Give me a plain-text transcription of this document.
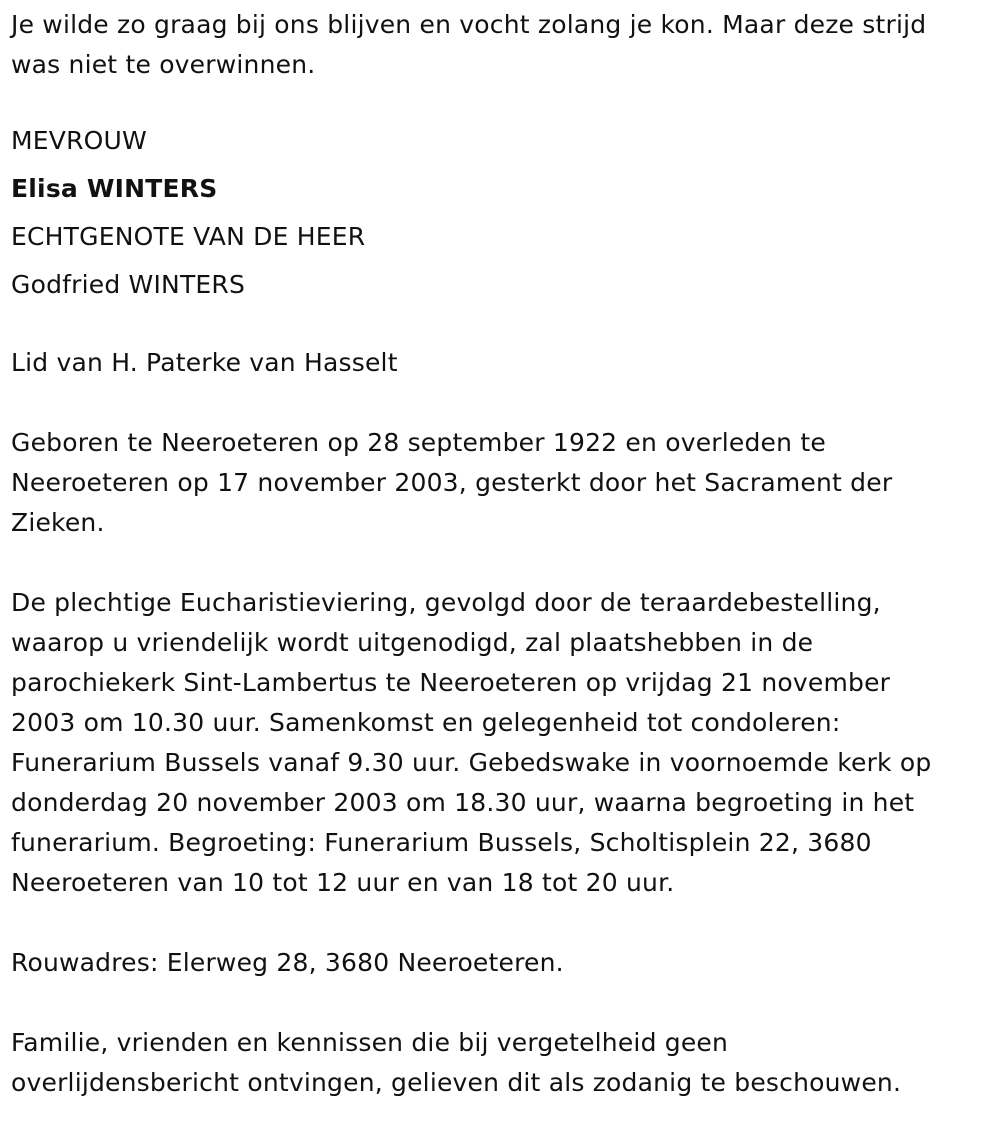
Je wilde zo graag bij ons blijven en vocht zolang je kon. Maar deze strijd
was niet te overwinnen.

MEVROUW
Elisa WINTERS
ECHTGENOTE VAN DE HEER
Godfried WINTERS

Lid van H. Paterke van Hasselt

Geboren te Neeroeteren op 28 september 1922 en overleden te
Neeroeteren op 17 november 2003, gesterkt door het Sacrament der
Zieken.

De plechtige Eucharistieviering, gevolgd door de teraardebestelling,
waarop u vriendelijk wordt uitgenodigd, zal plaatshebben in de
parochiekerk Sint-Lambertus te Neeroeteren op vrijdag 21 november
2003 om 10.30 uur. Samenkomst en gelegenheid tot condoleren:
Funerarium Bussels vanaf 9.30 uur. Gebedswake in voornoemde kerk op
donderdag 20 november 2003 om 18.30 uur, waarna begroeting in het
funerarium. Begroeting: Funerarium Bussels, Scholtisplein 22, 3680
Neeroeteren van 10 tot 12 uur en van 18 tot 20 uur.

Rouwadres: Elerweg 28, 3680 Neeroeteren.

Familie, vrienden en kennissen die bij vergetelheid geen
overlijdensbericht ontvingen, gelieven dit als zodanig te beschouwen.
